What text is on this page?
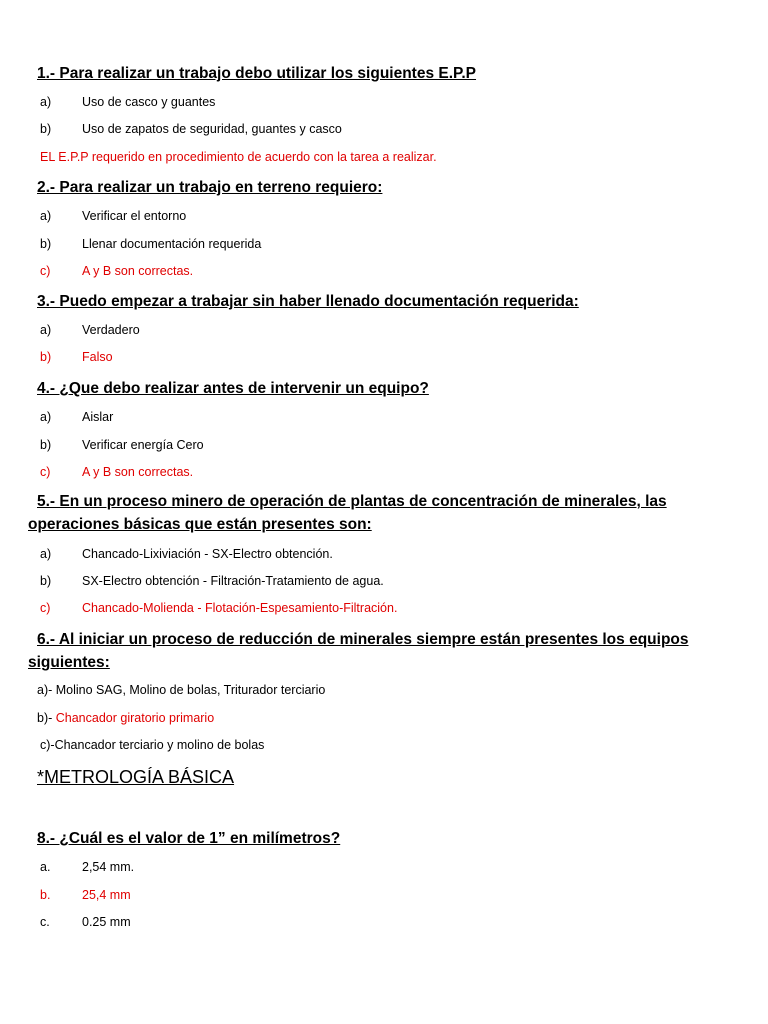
1.- Para realizar un trabajo debo utilizar los siguientes E.P.P
a) Uso de casco y guantes
b) Uso de zapatos de seguridad, guantes y casco
EL E.P.P requerido en procedimiento de acuerdo con la tarea a realizar.
2.- Para realizar un trabajo en terreno requiero:
a) Verificar el entorno
b) Llenar documentación requerida
c)	A y B son correctas.
3.- Puedo empezar a trabajar sin haber llenado documentación requerida:
a) Verdadero
b) Falso
4.- ¿Que debo realizar antes de intervenir un equipo?
a) Aislar
b) Verificar energía Cero
c)	A y B son correctas.
5.- En un proceso minero de operación de plantas de concentración de minerales, las
operaciones básicas que están presentes son:
a) Chancado-Lixiviación - SX-Electro obtención.
b) SX-Electro obtención - Filtración-Tratamiento de agua.
c)	Chancado-Molienda - Flotación-Espesamiento-Filtración.
6.- Al iniciar un proceso de reducción de minerales siempre están presentes los equipos
siguientes:
a)- Molino SAG, Molino de bolas, Triturador terciario
b)- Chancador giratorio primario
c)-Chancador terciario y molino de bolas
*METROLOGÍA BÁSICA
8.- ¿Cuál es el valor de 1” en milímetros?
a.	2,54 mm.
b.	25,4 mm
c.	0.25 mm
